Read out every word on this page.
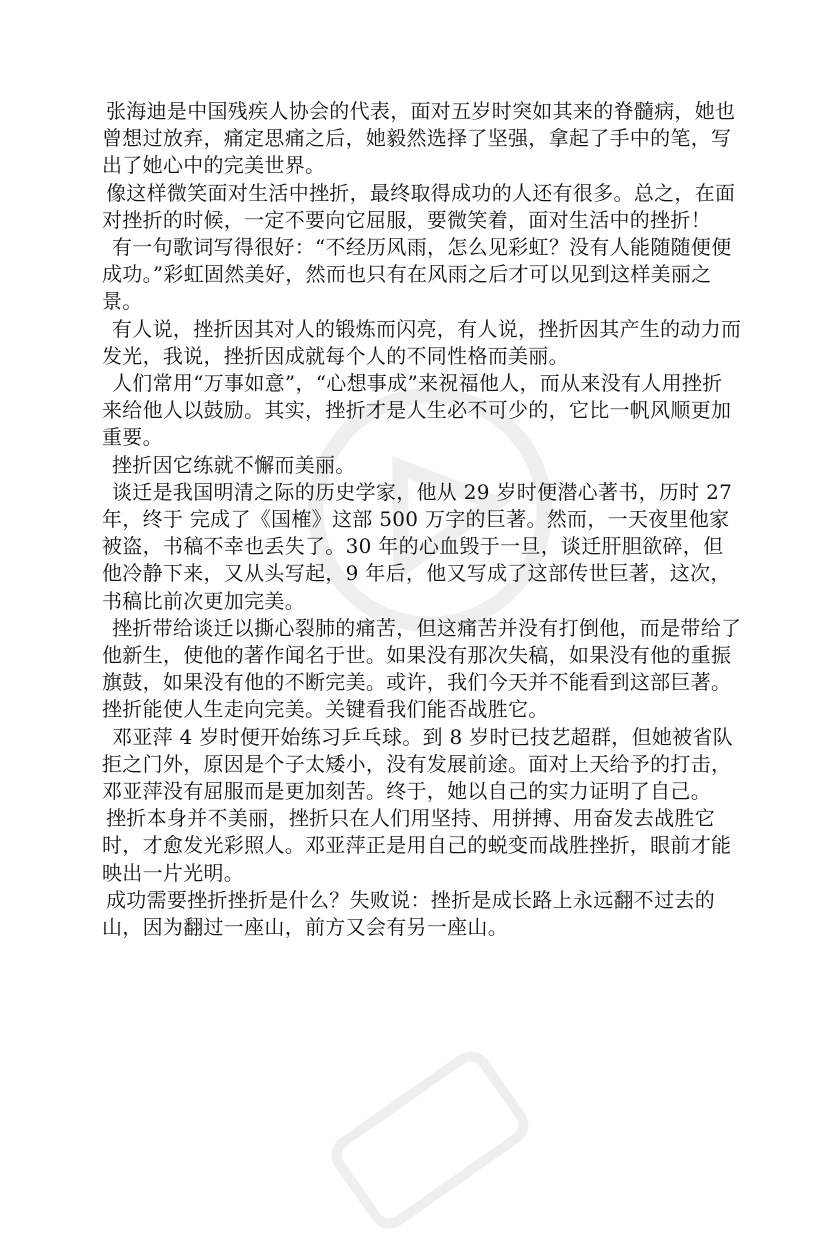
张海迪是中国残疾人协会的代表，面对五岁时突如其来的脊髓病，她也曾想过放弃，痛定思痛之后，她毅然选择了坚强，拿起了手中的笔，写出了她心中的完美世界。

像这样微笑面对生活中挫折，最终取得成功的人还有很多。总之，在面对挫折的时候，一定不要向它屈服，要微笑着，面对生活中的挫折！

有一句歌词写得很好：“不经历风雨，怎么见彩虹？没有人能随随便便成功。”彩虹固然美好，然而也只有在风雨之后才可以见到这样美丽之景。

有人说，挫折因其对人的锻炼而闪亮，有人说，挫折因其产生的动力而发光，我说，挫折因成就每个人的不同性格而美丽。

人们常用“万事如意”，“心想事成”来祝福他人，而从来没有人用挫折来给他人以鼓励。其实，挫折才是人生必不可少的，它比一帆风顺更加重要。

挫折因它练就不懈而美丽。

谈迁是我国明清之际的历史学家，他从 29 岁时便潜心著书，历时 27 年，终于 完成了《国榷》这部 500 万字的巨著。然而，一天夜里他家被盗，书稿不幸也丢失了。30 年的心血毁于一旦，谈迁肝胆欲碎，但他冷静下来，又从头写起，9 年后，他又写成了这部传世巨著，这次，书稿比前次更加完美。

挫折带给谈迁以撕心裂肺的痛苦，但这痛苦并没有打倒他，而是带给了他新生，使他的著作闻名于世。如果没有那次失稿，如果没有他的重振旗鼓，如果没有他的不断完美。或许，我们今天并不能看到这部巨著。挫折能使人生走向完美。关键看我们能否战胜它。

邓亚萍 4 岁时便开始练习乒乓球。到 8 岁时已技艺超群，但她被省队拒之门外，原因是个子太矮小，没有发展前途。面对上天给予的打击，邓亚萍没有屈服而是更加刻苦。终于，她以自己的实力证明了自己。

挫折本身并不美丽，挫折只在人们用坚持、用拼搏、用奋发去战胜它时，才愈发光彩照人。邓亚萍正是用自己的蜕变而战胜挫折，眼前才能映出一片光明。

成功需要挫折挫折是什么？失败说：挫折是成长路上永远翻不过去的山，因为翻过一座山，前方又会有另一座山。
